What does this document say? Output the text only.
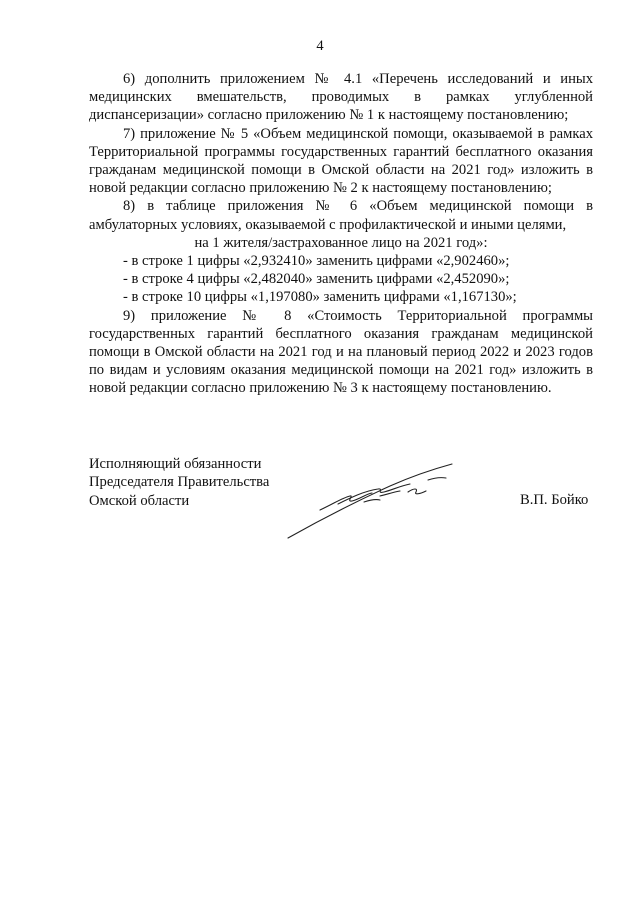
4

6) дополнить приложением № 4.1 «Перечень исследований и иных медицинских вмешательств, проводимых в рамках углубленной диспансеризации» согласно приложению № 1 к настоящему постановлению;

7) приложение № 5 «Объем медицинской помощи, оказываемой в рамках Территориальной программы государственных гарантий бесплатного оказания гражданам медицинской помощи в Омской области на 2021 год» изложить в новой редакции согласно приложению № 2 к настоящему постановлению;

8) в таблице приложения № 6 «Объем медицинской помощи в амбулаторных условиях, оказываемой с профилактической и иными целями,

на 1 жителя/застрахованное лицо на 2021 год»:

- в строке 1 цифры «2,932410» заменить цифрами «2,902460»;

- в строке 4 цифры «2,482040» заменить цифрами «2,452090»;

- в строке 10 цифры «1,197080» заменить цифрами «1,167130»;

9) приложение № 8 «Стоимость Территориальной программы государственных гарантий бесплатного оказания гражданам медицинской помощи в Омской области на 2021 год и на плановый период 2022 и 2023 годов по видам и условиям оказания медицинской помощи на 2021 год» изложить в новой редакции согласно приложению № 3 к настоящему постановлению.

Исполняющий обязанности
Председателя Правительства
Омской области	В.П. Бойко
